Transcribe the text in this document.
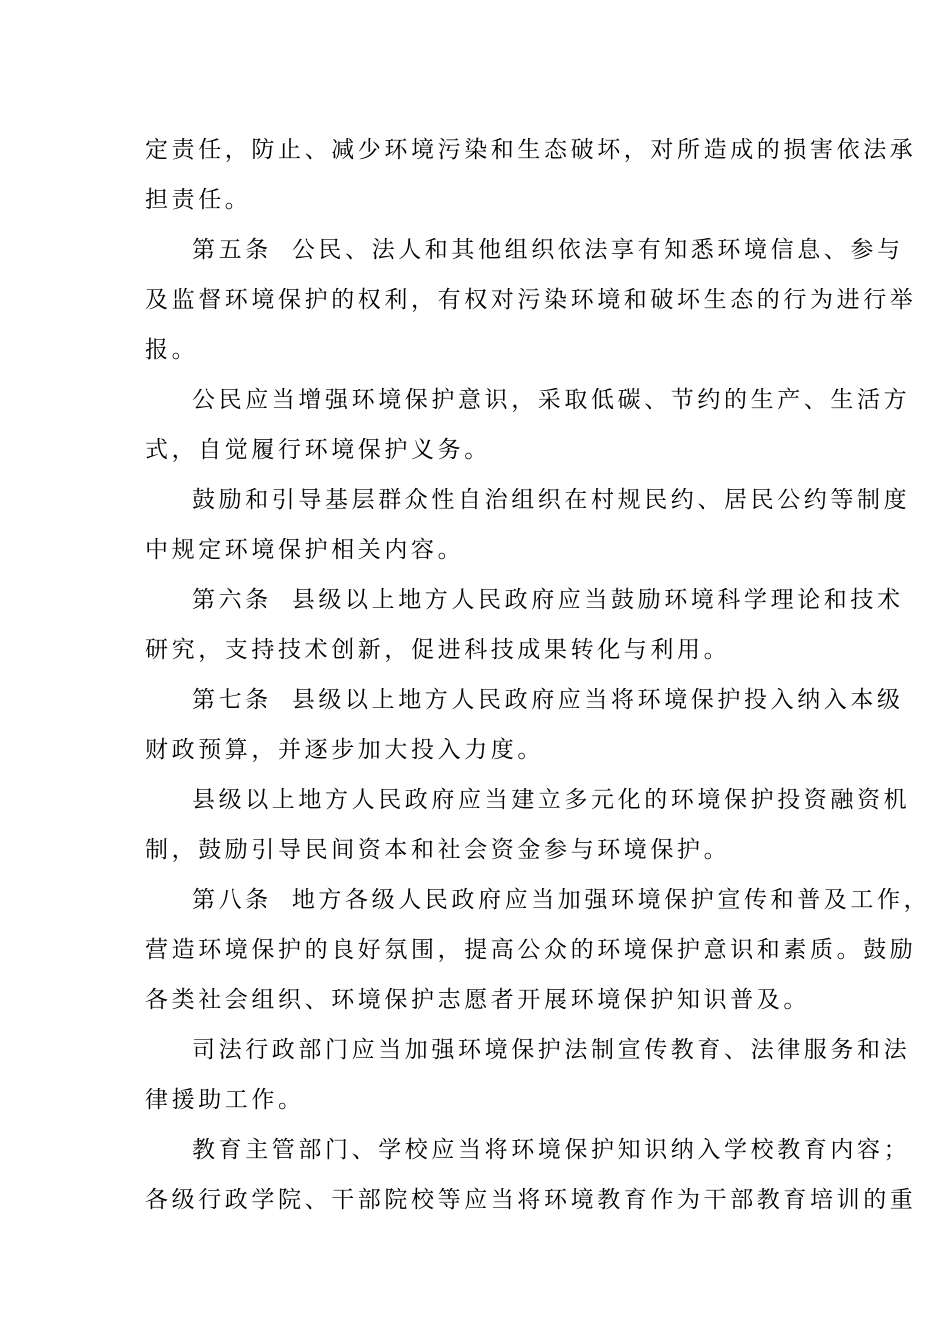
定责任，防止、减少环境污染和生态破坏，对所造成的损害依法承
担责任。
第五条 公民、法人和其他组织依法享有知悉环境信息、参与
及监督环境保护的权利，有权对污染环境和破坏生态的行为进行举
报。
公民应当增强环境保护意识，采取低碳、节约的生产、生活方
式，自觉履行环境保护义务。
鼓励和引导基层群众性自治组织在村规民约、居民公约等制度
中规定环境保护相关内容。
第六条 县级以上地方人民政府应当鼓励环境科学理论和技术
研究，支持技术创新，促进科技成果转化与利用。
第七条 县级以上地方人民政府应当将环境保护投入纳入本级
财政预算，并逐步加大投入力度。
县级以上地方人民政府应当建立多元化的环境保护投资融资机
制，鼓励引导民间资本和社会资金参与环境保护。
第八条 地方各级人民政府应当加强环境保护宣传和普及工作，
营造环境保护的良好氛围，提高公众的环境保护意识和素质。鼓励
各类社会组织、环境保护志愿者开展环境保护知识普及。
司法行政部门应当加强环境保护法制宣传教育、法律服务和法
律援助工作。
教育主管部门、学校应当将环境保护知识纳入学校教育内容；
各级行政学院、干部院校等应当将环境教育作为干部教育培训的重
